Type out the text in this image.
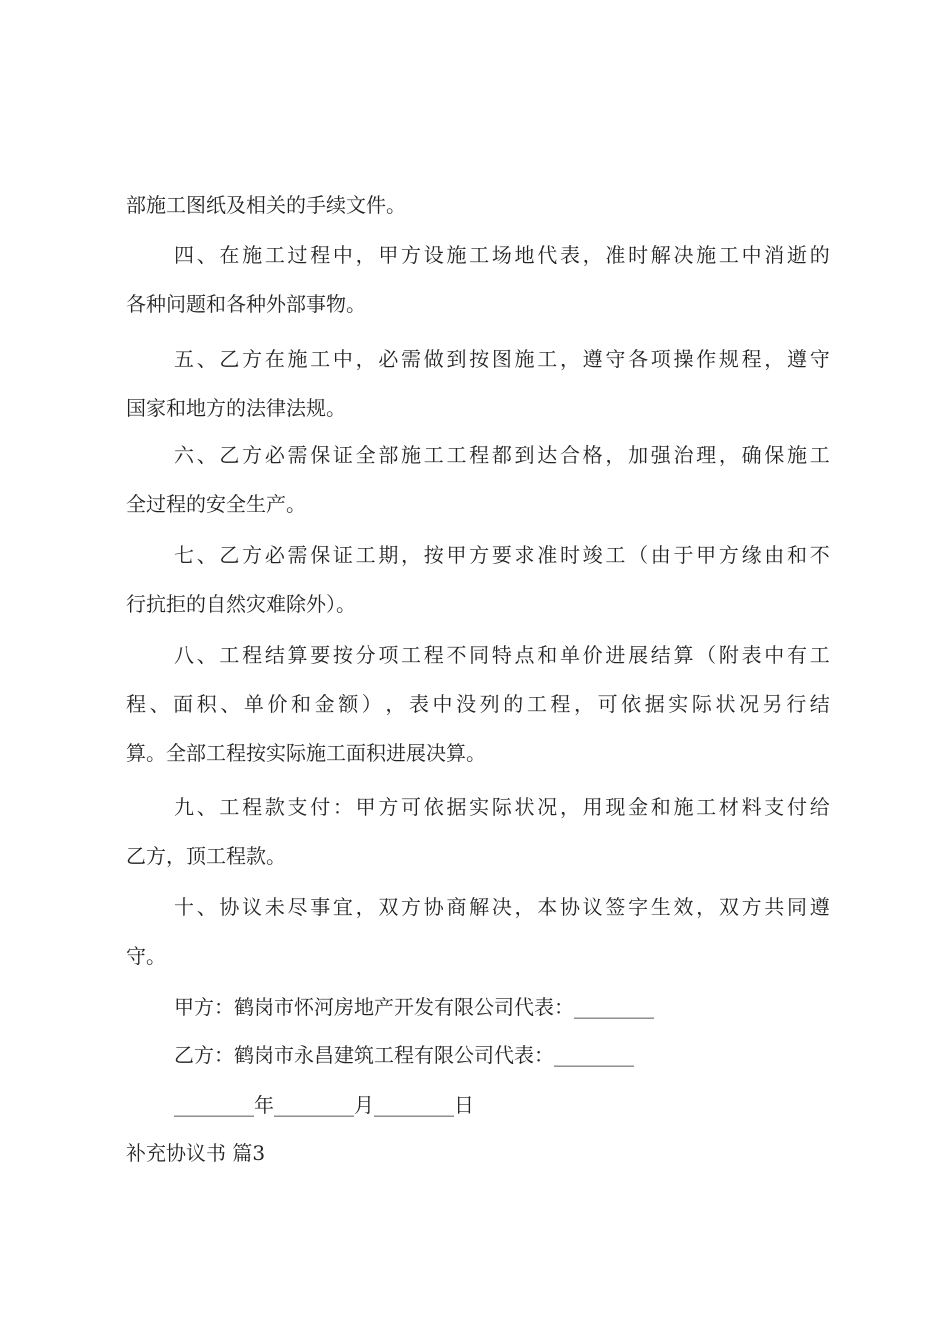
部施工图纸及相关的手续文件。
甲方：鹤岗市怀河房地产开发有限公司代表：________
乙方：鹤岗市永昌建筑工程有限公司代表：________
________年________月________日
补充协议书 篇3
四 、 在 施 工 过 程 中 ， 甲 方 设 施 工 场 地 代 表 ， 准 时 解 决 施 工 中 消 逝 的
各种问题和各种外部事物。
五 、 乙 方 在 施 工 中 ， 必 需 做 到 按 图 施 工 ， 遵 守 各 项 操 作 规 程 ， 遵 守
国家和地方的法律法规。
六 、 乙 方 必 需 保 证 全 部 施 工 工 程 都 到 达 合 格 ， 加 强 治 理 ， 确 保 施 工
全过程的安全生产。
七 、 乙 方 必 需 保 证 工 期 ， 按 甲 方 要 求 准 时 竣 工 （ 由 于 甲 方 缘 由 和 不
行抗拒的自然灾难除外）。
八 、 工 程 结 算 要 按 分 项 工 程 不 同 特 点 和 单 价 进 展 结 算 （ 附 表 中 有 工
程 、 面 积 、 单 价 和 金 额 ） ， 表 中 没 列 的 工 程 ， 可 依 据 实 际 状 况 另 行 结
算。全部工程按实际施工面积进展决算。
九 、 工 程 款 支 付 ： 甲 方 可 依 据 实 际 状 况 ， 用 现 金 和 施 工 材 料 支 付 给
乙方，顶工程款。
十 、 协 议 未 尽 事 宜 ， 双 方 协 商 解 决 ， 本 协 议 签 字 生 效 ， 双 方 共 同 遵
守。
